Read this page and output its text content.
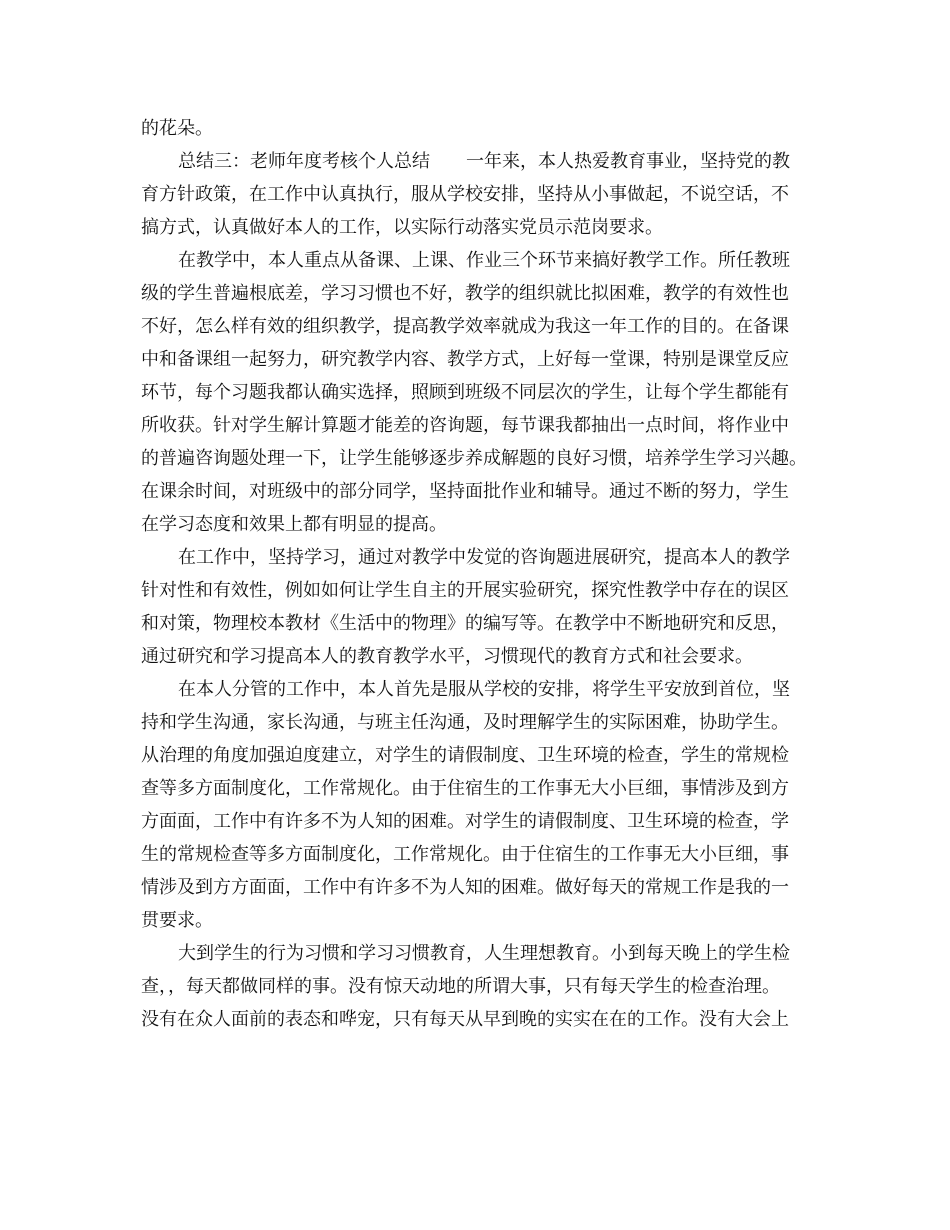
的花朵。
总结三：老师年度考核个人总结　　一年来，本人热爱教育事业，坚持党的教
育方针政策，在工作中认真执行，服从学校安排，坚持从小事做起，不说空话，不
搞方式，认真做好本人的工作，以实际行动落实党员示范岗要求。
在教学中，本人重点从备课、上课、作业三个环节来搞好教学工作。所任教班
级的学生普遍根底差，学习习惯也不好，教学的组织就比拟困难，教学的有效性也
不好，怎么样有效的组织教学，提高教学效率就成为我这一年工作的目的。在备课
中和备课组一起努力，研究教学内容、教学方式，上好每一堂课，特别是课堂反应
环节，每个习题我都认确实选择，照顾到班级不同层次的学生，让每个学生都能有
所收获。针对学生解计算题才能差的咨询题，每节课我都抽出一点时间，将作业中
的普遍咨询题处理一下，让学生能够逐步养成解题的良好习惯，培养学生学习兴趣。
在课余时间，对班级中的部分同学，坚持面批作业和辅导。通过不断的努力，学生
在学习态度和效果上都有明显的提高。
在工作中，坚持学习，通过对教学中发觉的咨询题进展研究，提高本人的教学
针对性和有效性，例如如何让学生自主的开展实验研究，探究性教学中存在的误区
和对策，物理校本教材《生活中的物理》的编写等。在教学中不断地研究和反思，
通过研究和学习提高本人的教育教学水平，习惯现代的教育方式和社会要求。
在本人分管的工作中，本人首先是服从学校的安排，将学生平安放到首位，坚
持和学生沟通，家长沟通，与班主任沟通，及时理解学生的实际困难，协助学生。
从治理的角度加强迫度建立，对学生的请假制度、卫生环境的检查，学生的常规检
查等多方面制度化，工作常规化。由于住宿生的工作事无大小巨细，事情涉及到方
方面面，工作中有许多不为人知的困难。对学生的请假制度、卫生环境的检查，学
生的常规检查等多方面制度化，工作常规化。由于住宿生的工作事无大小巨细，事
情涉及到方方面面，工作中有许多不为人知的困难。做好每天的常规工作是我的一
贯要求。
大到学生的行为习惯和学习习惯教育，人生理想教育。小到每天晚上的学生检
查，，每天都做同样的事。没有惊天动地的所谓大事，只有每天学生的检查治理。
没有在众人面前的表态和哗宠，只有每天从早到晚的实实在在的工作。没有大会上
